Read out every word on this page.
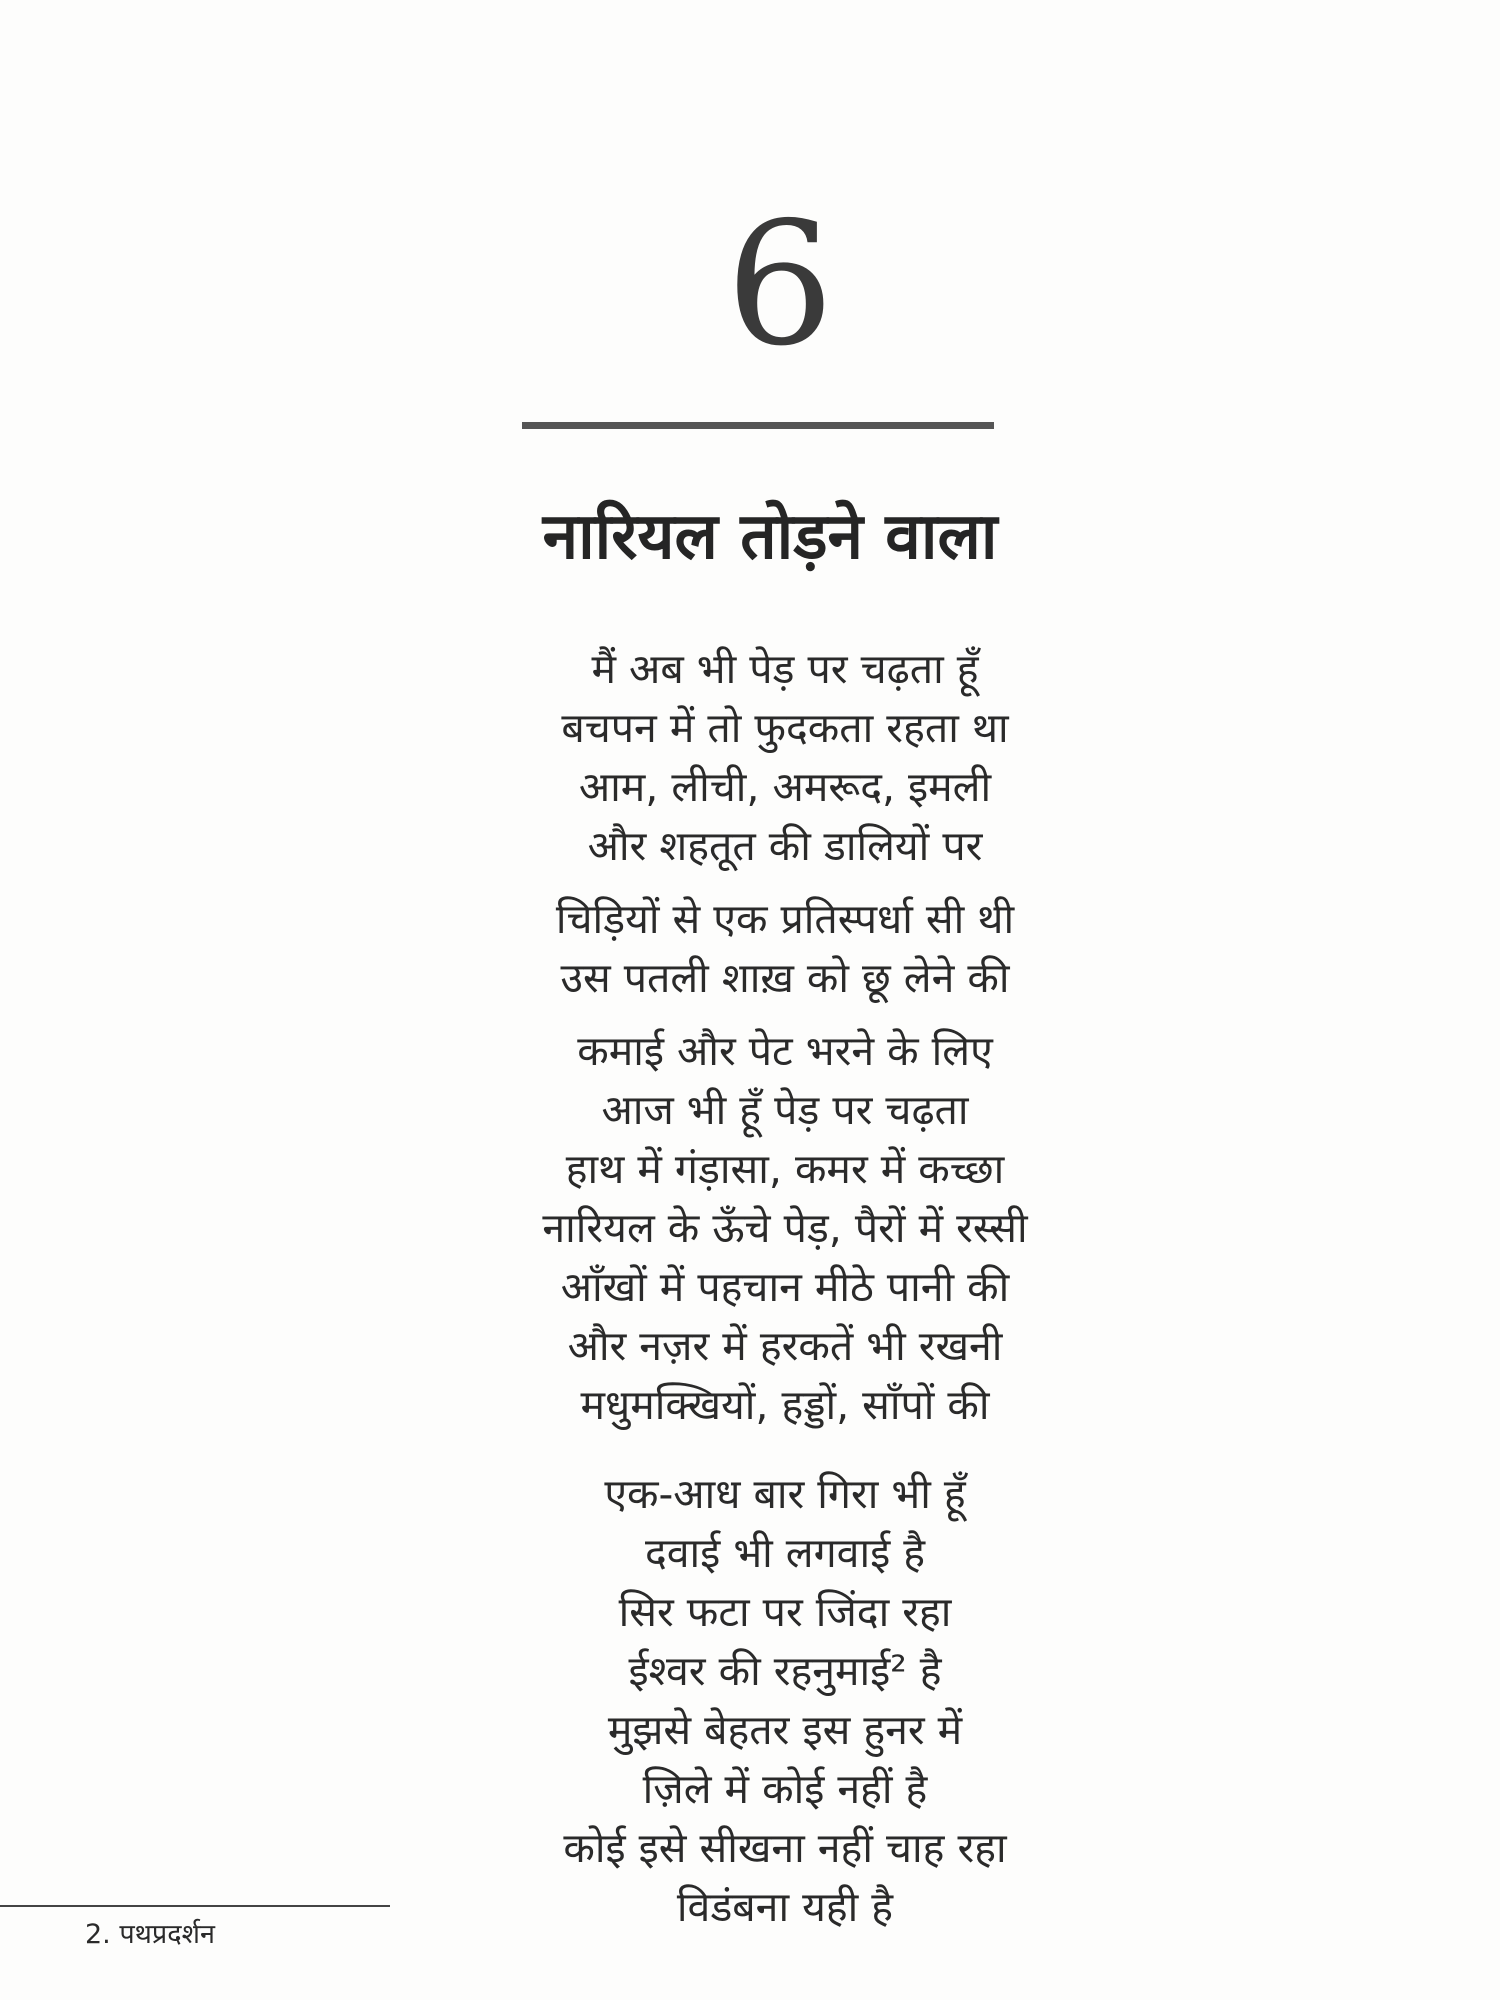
6
नारियल तोड़ने वाला
मैं अब भी पेड़ पर चढ़ता हूँ
बचपन में तो फुदकता रहता था
आम, लीची, अमरूद, इमली
और शहतूत की डालियों पर
चिड़ियों से एक प्रतिस्पर्धा सी थी
उस पतली शाख़ को छू लेने की
कमाई और पेट भरने के लिए
आज भी हूँ पेड़ पर चढ़ता
हाथ में गंड़ासा, कमर में कच्छा
नारियल के ऊँचे पेड़, पैरों में रस्सी
आँखों में पहचान मीठे पानी की
और नज़र में हरकतें भी रखनी
मधुमक्खियों, हड्डों, साँपों की
एक-आध बार गिरा भी हूँ
दवाई भी लगवाई है
सिर फटा पर जिंदा रहा
ईश्वर की रहनुमाई² है
मुझसे बेहतर इस हुनर में
ज़िले में कोई नहीं है
कोई इसे सीखना नहीं चाह रहा
विडंबना यही है
2. पथप्रदर्शन
